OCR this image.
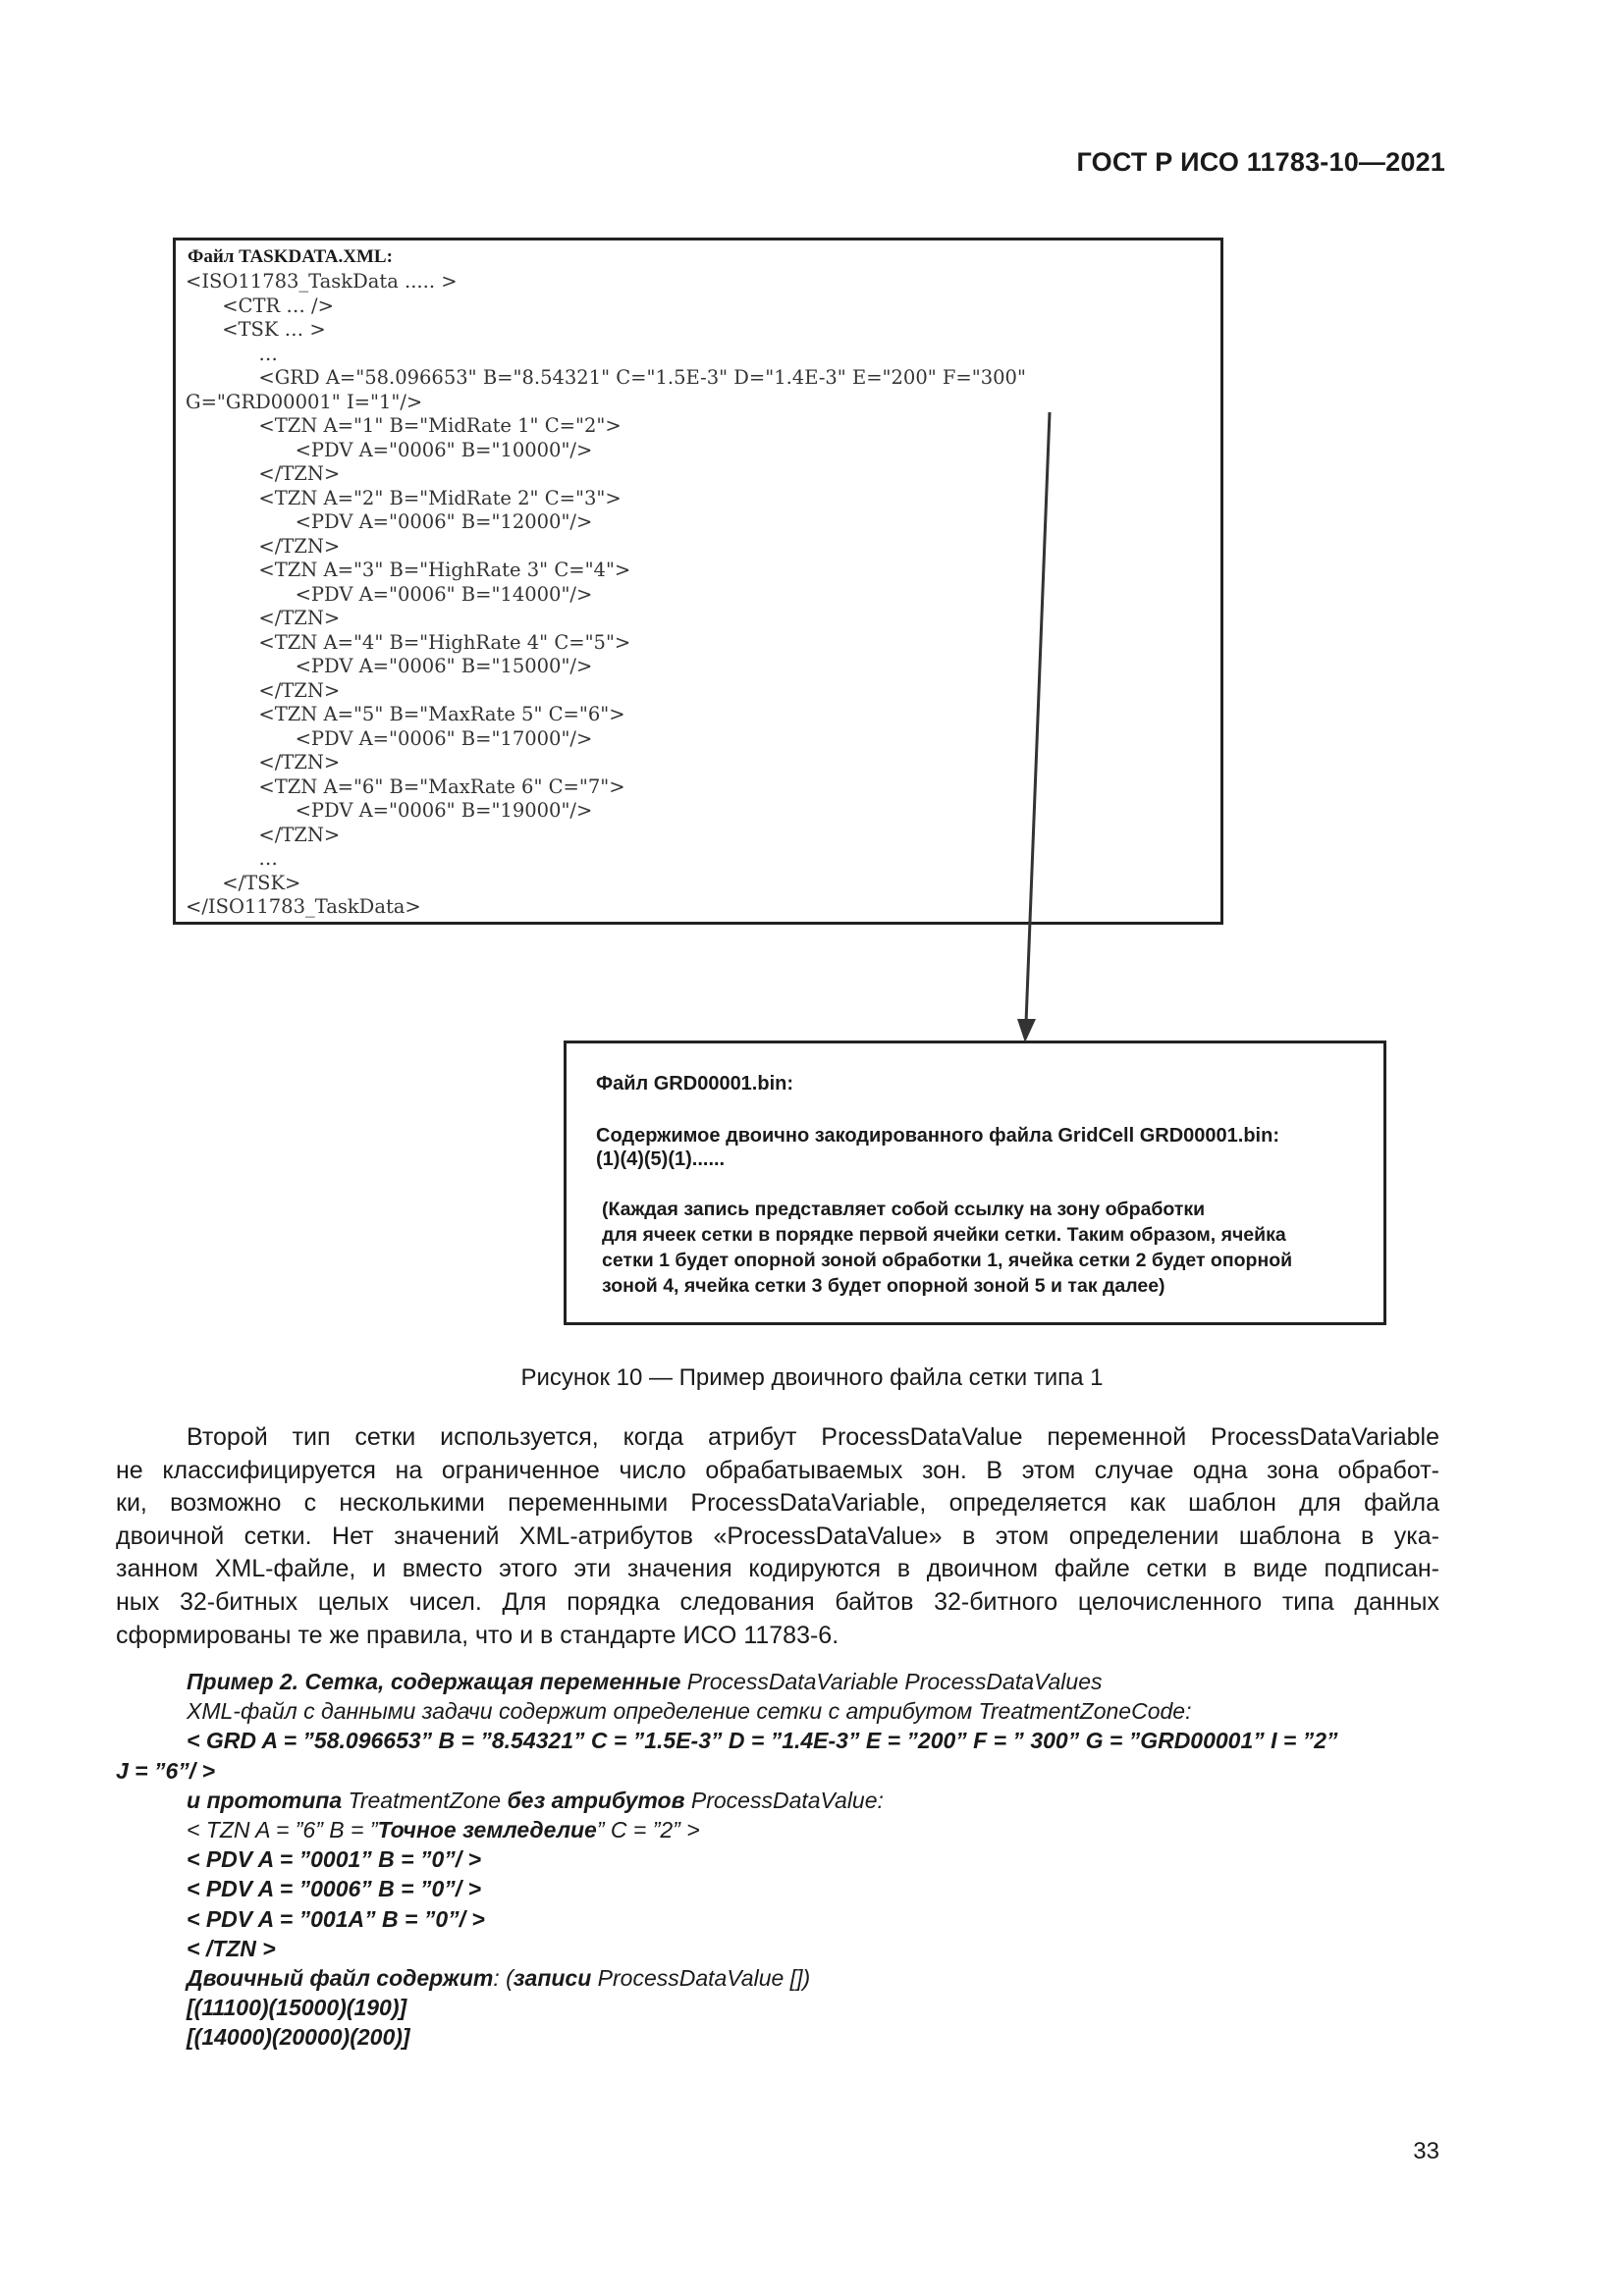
ГОСТ Р ИСО 11783-10—2021
Файл TASKDATA.XML:
<ISO11783_TaskData ..... >
<CTR … />
<TSK … >
…
<GRD A="58.096653" B="8.54321" C="1.5E-3" D="1.4E-3" E="200" F="300"
G="GRD00001" I="1"/>
<TZN A="1" B="MidRate 1" C="2">
<PDV A="0006" B="10000"/>
</TZN>
<TZN A="2" B="MidRate 2" C="3">
<PDV A="0006" B="12000"/>
</TZN>
<TZN A="3" B="HighRate 3" C="4">
<PDV A="0006" B="14000"/>
</TZN>
<TZN A="4" B="HighRate 4" C="5">
<PDV A="0006" B="15000"/>
</TZN>
<TZN A="5" B="MaxRate 5" C="6">
<PDV A="0006" B="17000"/>
</TZN>
<TZN A="6" B="MaxRate 6" C="7">
<PDV A="0006" B="19000"/>
</TZN>
…
</TSK>
</ISO11783_TaskData>
Файл GRD00001.bin:
Содержимое двоично закодированного файла GridCell GRD00001.bin:
(1)(4)(5)(1)......
(Каждая запись представляет собой ссылку на зону обработки
для ячеек сетки в порядке первой ячейки сетки. Таким образом, ячейка
сетки 1 будет опорной зоной обработки 1, ячейка сетки 2 будет опорной
зоной 4, ячейка сетки 3 будет опорной зоной 5 и так далее)
Рисунок 10 — Пример двоичного файла сетки типа 1
Второй тип сетки используется, когда атрибут ProcessDataValue переменной ProcessDataVariable
не классифицируется на ограниченное число обрабатываемых зон. В этом случае одна зона обработ-
ки, возможно с несколькими переменными ProcessDataVariable, определяется как шаблон для файла
двоичной сетки. Нет значений XML-атрибутов «ProcessDataValue» в этом определении шаблона в ука-
занном XML-файле, и вместо этого эти значения кодируются в двоичном файле сетки в виде подписан-
ных 32-битных целых чисел. Для порядка следования байтов 32-битного целочисленного типа данных
сформированы те же правила, что и в стандарте ИСО 11783-6.
Пример 2. Сетка, содержащая переменные ProcessDataVariable ProcessDataValues
XML-файл с данными задачи содержит определение сетки с атрибутом TreatmentZoneCode:
< GRD A = ”58.096653” B = ”8.54321” C = ”1.5E-3” D = ”1.4E-3” E = ”200” F = ” 300” G = ”GRD00001” I = ”2”
J = ”6”/ >
и прототипа TreatmentZone без атрибутов ProcessDataValue:
< TZN A = ”6” B = ”Точное земледелие” C = ”2” >
< PDV A = ”0001” B = ”0”/ >
< PDV A = ”0006” B = ”0”/ >
< PDV A = ”001A” B = ”0”/ >
< /TZN >
Двоичный файл содержит: (записи ProcessDataValue [])
[(11100)(15000)(190)]
[(14000)(20000)(200)]
33
